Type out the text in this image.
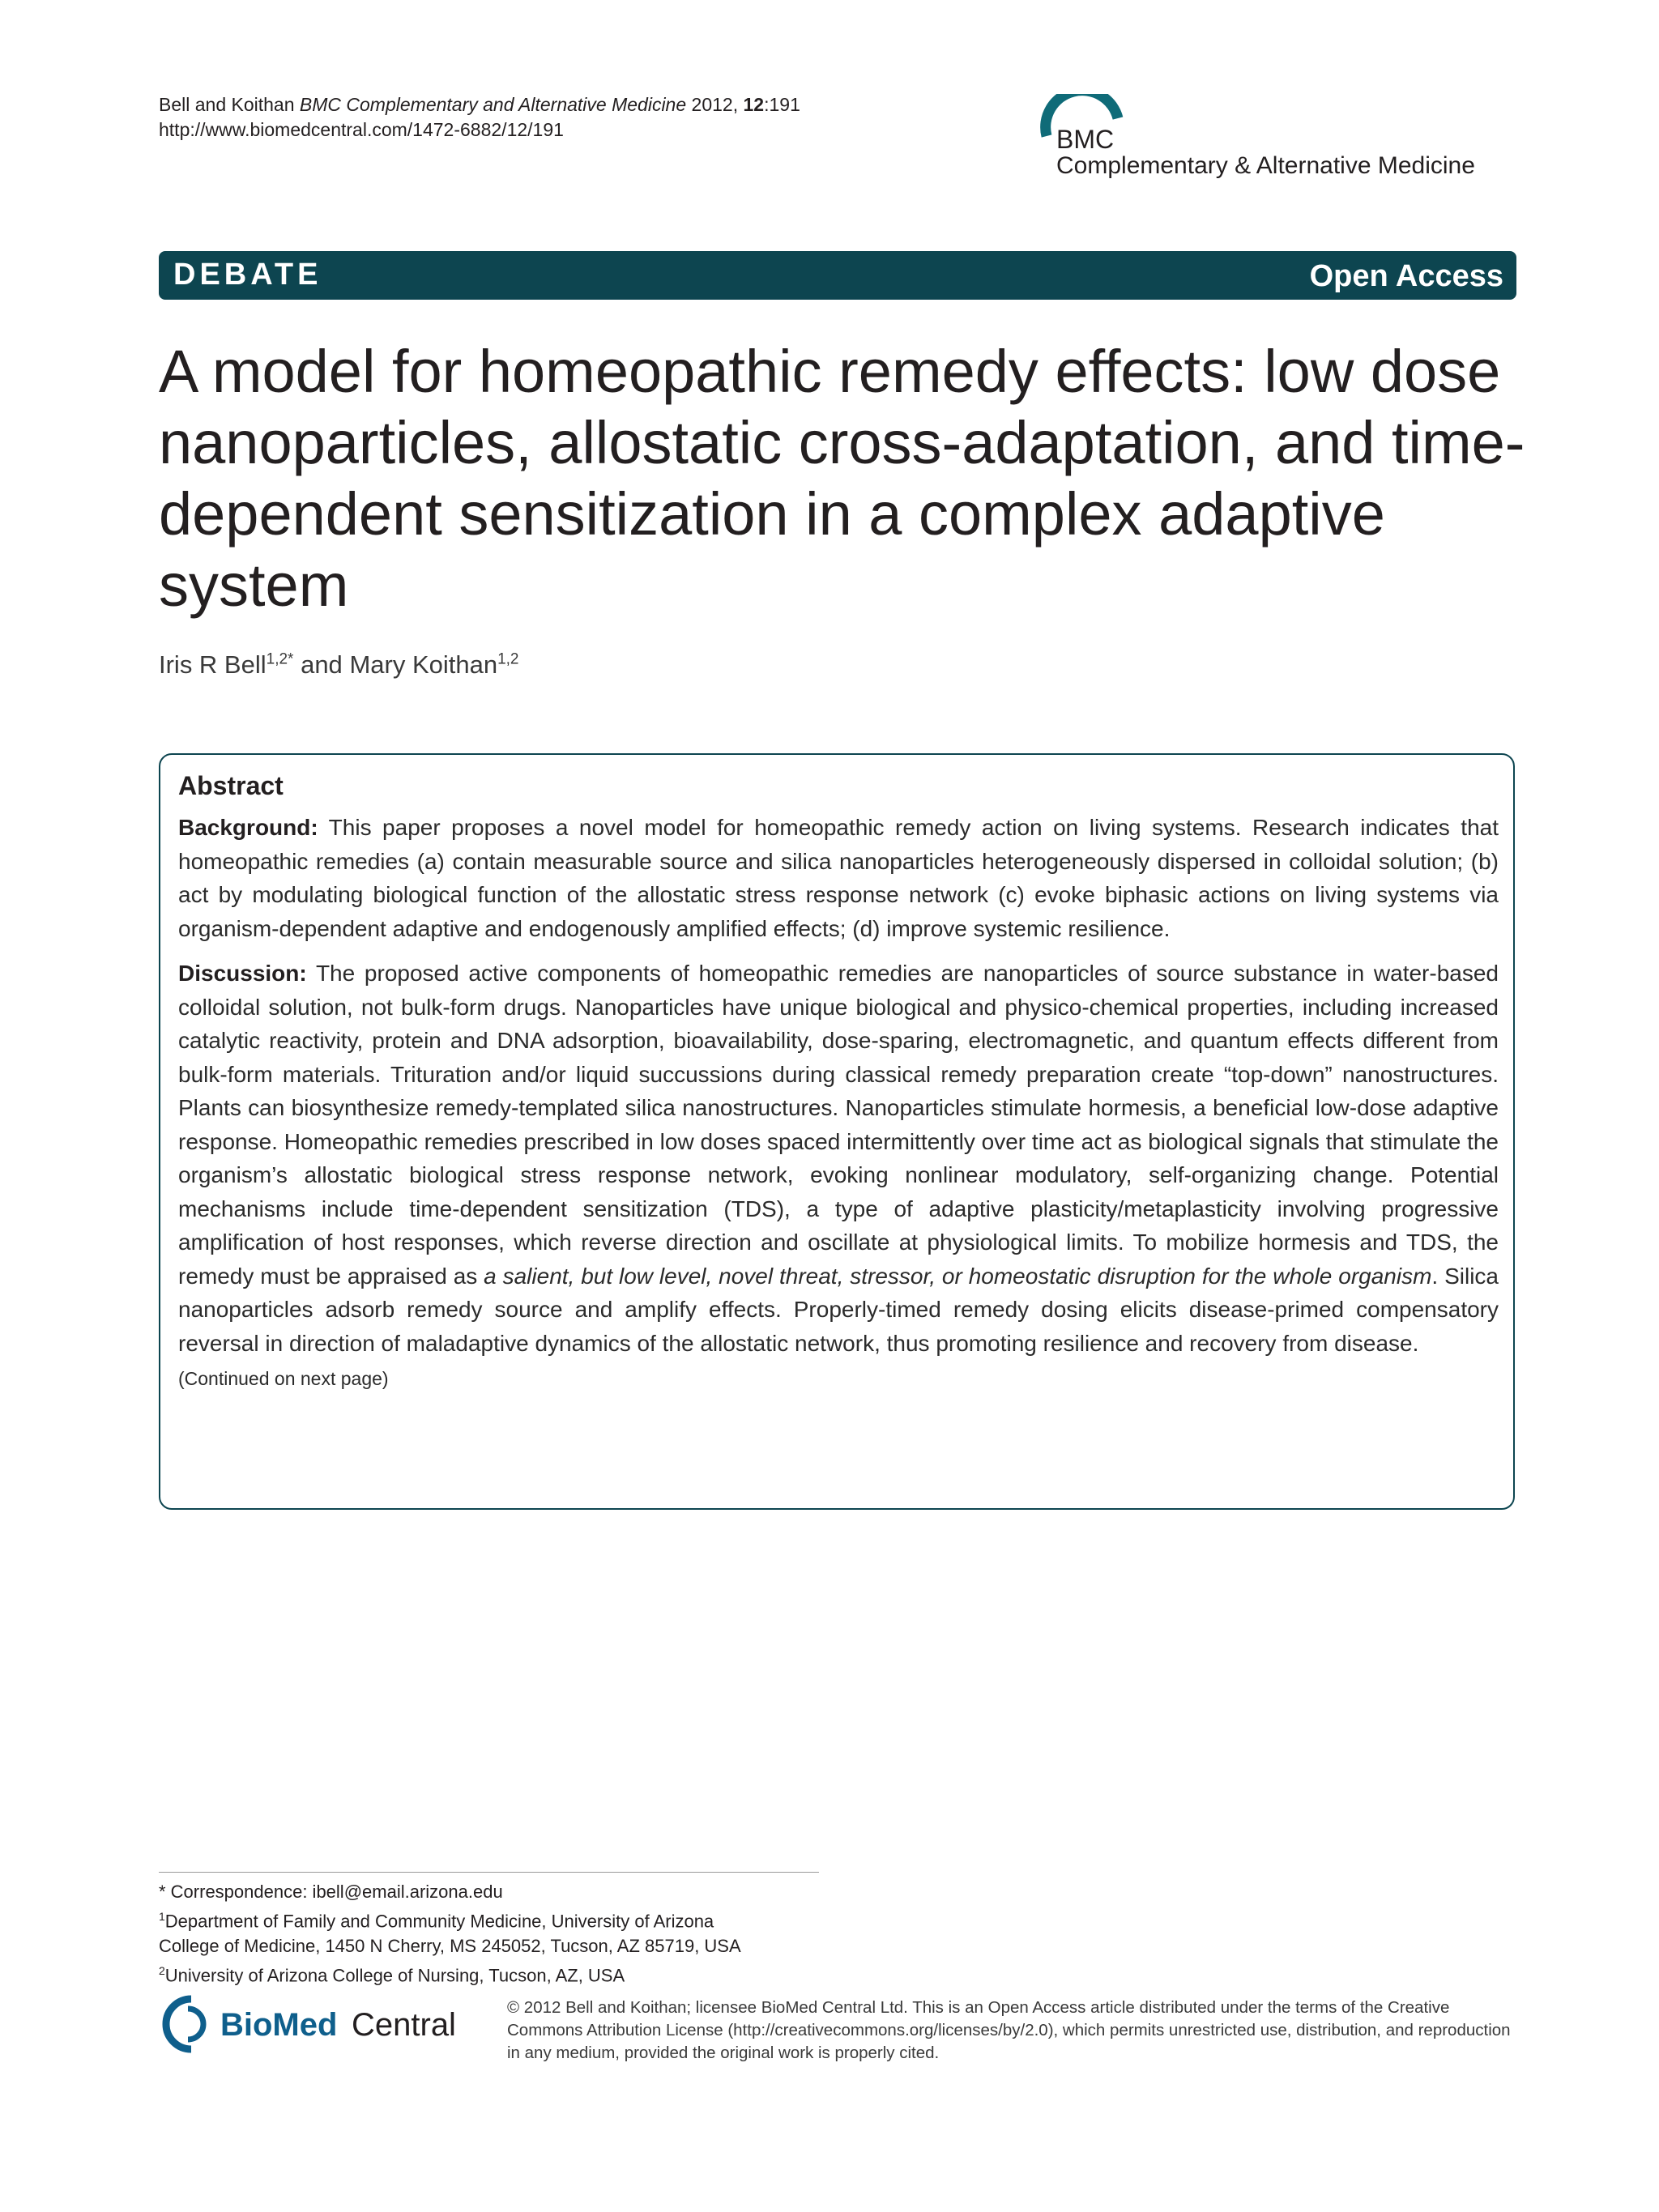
Bell and Koithan BMC Complementary and Alternative Medicine 2012, 12:191
http://www.biomedcentral.com/1472-6882/12/191	BMC
Complementary & Alternative Medicine
DEBATE	Open Access
A model for homeopathic remedy effects: low dose nanoparticles, allostatic cross-adaptation, and time-dependent sensitization in a complex adaptive system
Iris R Bell$^{1,2*}$ and Mary Koithan$^{1,2}$
Abstract

Background: This paper proposes a novel model for homeopathic remedy action on living systems. Research indicates that homeopathic remedies (a) contain measurable source and silica nanoparticles heterogeneously dispersed in colloidal solution; (b) act by modulating biological function of the allostatic stress response network (c) evoke biphasic actions on living systems via organism-dependent adaptive and endogenously amplified effects; (d) improve systemic resilience.

Discussion: The proposed active components of homeopathic remedies are nanoparticles of source substance in water-based colloidal solution, not bulk-form drugs. Nanoparticles have unique biological and physico-chemical properties, including increased catalytic reactivity, protein and DNA adsorption, bioavailability, dose-sparing, electromagnetic, and quantum effects different from bulk-form materials. Trituration and/or liquid succussions during classical remedy preparation create “top-down” nanostructures. Plants can biosynthesize remedy-templated silica nanostructures. Nanoparticles stimulate hormesis, a beneficial low-dose adaptive response. Homeopathic remedies prescribed in low doses spaced intermittently over time act as biological signals that stimulate the organism’s allostatic biological stress response network, evoking nonlinear modulatory, self-organizing change. Potential mechanisms include time-dependent sensitization (TDS), a type of adaptive plasticity/metaplasticity involving progressive amplification of host responses, which reverse direction and oscillate at physiological limits. To mobilize hormesis and TDS, the remedy must be appraised as a salient, but low level, novel threat, stressor, or homeostatic disruption for the whole organism. Silica nanoparticles adsorb remedy source and amplify effects. Properly-timed remedy dosing elicits disease-primed compensatory reversal in direction of maladaptive dynamics of the allostatic network, thus promoting resilience and recovery from disease.

(Continued on next page)
* Correspondence: ibell@email.arizona.edu
$^1$Department of Family and Community Medicine, University of Arizona
College of Medicine, 1450 N Cherry, MS 245052, Tucson, AZ 85719, USA
$^2$University of Arizona College of Nursing, Tucson, AZ, USA
BioMed Central	© 2012 Bell and Koithan; licensee BioMed Central Ltd. This is an Open Access article distributed under the terms of the Creative Commons Attribution License (http://creativecommons.org/licenses/by/2.0), which permits unrestricted use, distribution, and reproduction in any medium, provided the original work is properly cited.
